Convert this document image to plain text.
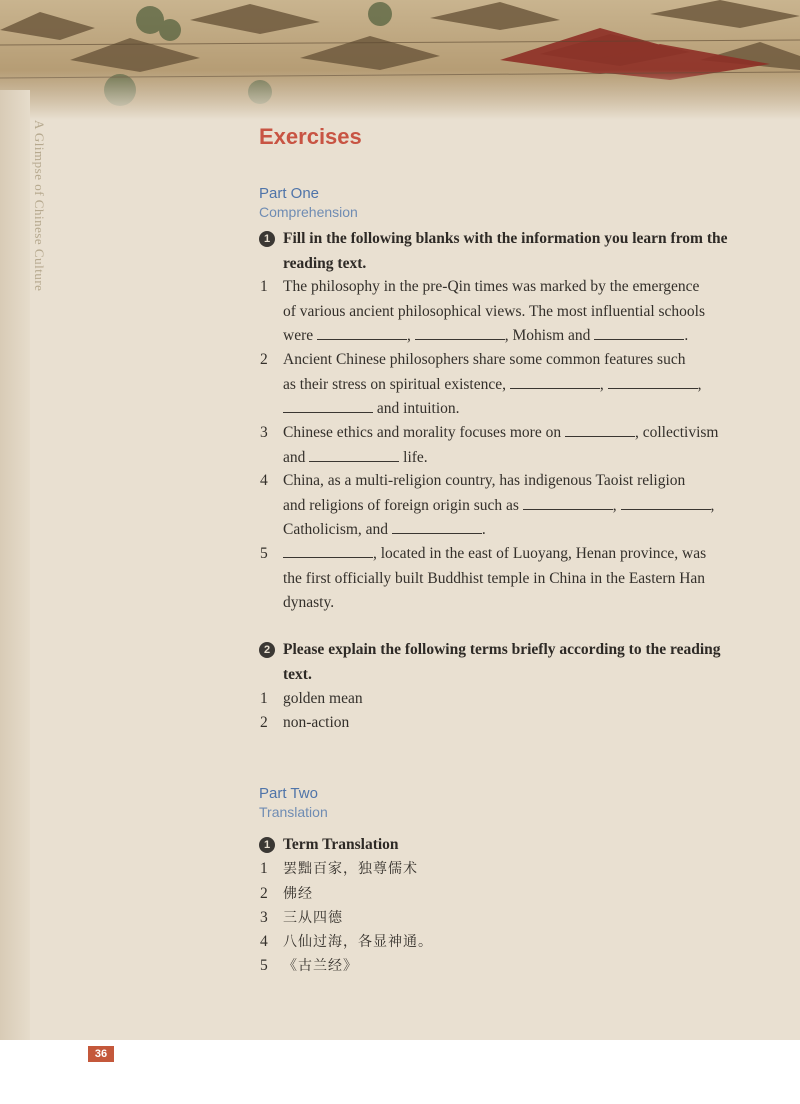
A Glimpse of Chinese Culture	Exercises
Part One
Comprehension
1 Fill in the following blanks with the information you learn from the
reading text.
1 The philosophy in the pre-Qin times was marked by the emergence
of various ancient philosophical views. The most influential schools
were	,	, Mohism and	.
2 Ancient Chinese philosophers share some common features such
as their stress on spiritual existence,	,	,
and intuition.
3 Chinese ethics and morality focuses more on	, collectivism
and	life.
4 China, as a multi-religion country, has indigenous Taoist religion
and religions of foreign origin such as	,	,
Catholicism, and	.
5	, located in the east of Luoyang, Henan province, was
the first officially built Buddhist temple in China in the Eastern Han
dynasty.
2 Please explain the following terms briefly according to the reading
text.
1 golden mean
2 non-action
Part Two
Translation
1 Term Translation
1	罢黜百家，独尊儒术
2	佛经
3	三从四德
4	八仙过海，各显神通。
5	《古兰经》
36
